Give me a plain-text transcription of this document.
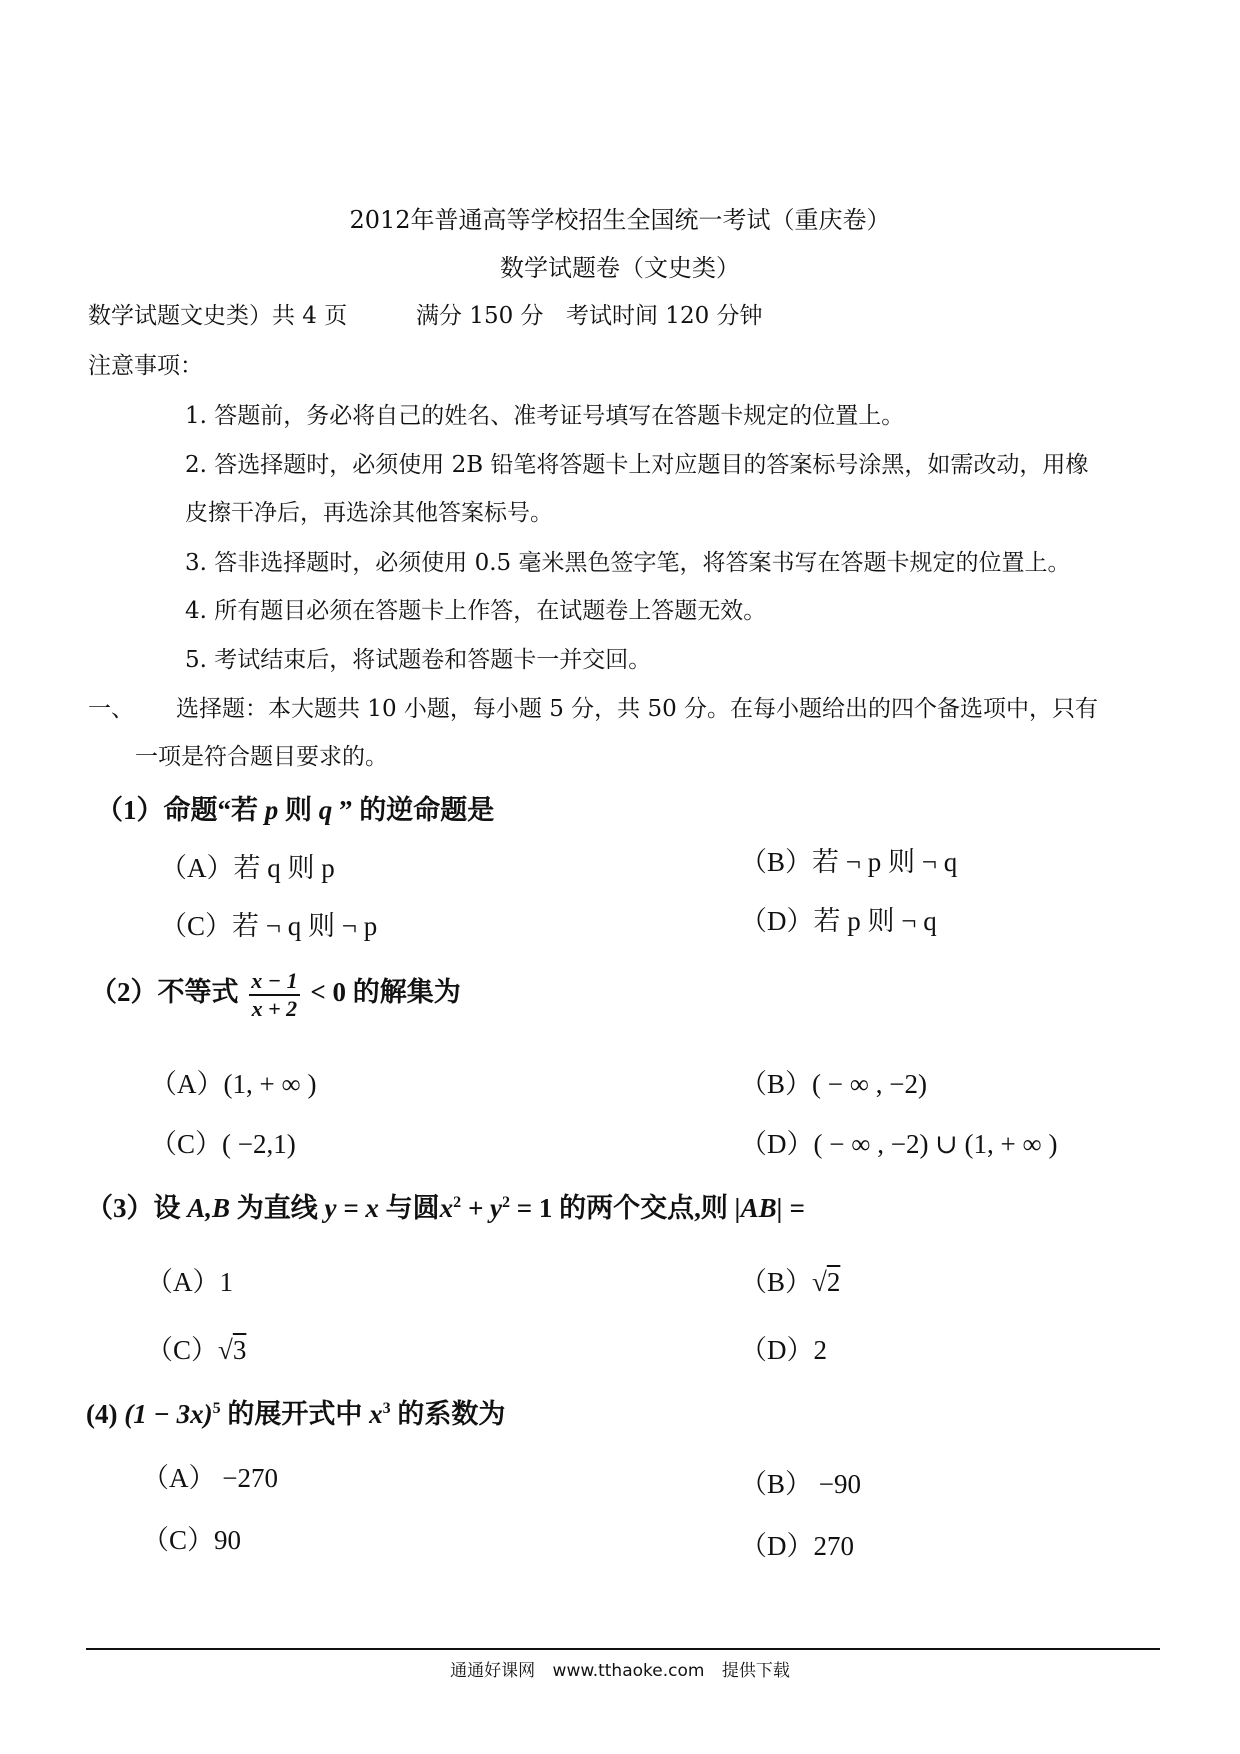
2012年普通高等学校招生全国统一考试（重庆卷）
数学试题卷（文史类）
数学试题文史类）共 4 页	满分 150 分 考试时间 120 分钟
注意事项：
1. 答题前，务必将自己的姓名、准考证号填写在答题卡规定的位置上。
2. 答选择题时，必须使用 2B 铅笔将答题卡上对应题目的答案标号涂黑，如需改动，用橡
皮擦干净后，再选涂其他答案标号。
3. 答非选择题时，必须使用 0.5 毫米黑色签字笔，将答案书写在答题卡规定的位置上。
4. 所有题目必须在答题卡上作答，在试题卷上答题无效。
5. 考试结束后，将试题卷和答题卡一并交回。
一、 选择题：本大题共 10 小题，每小题 5 分，共 50 分。在每小题给出的四个备选项中，只有
一项是符合题目要求的。
（1）命题“若 p 则 q ” 的逆命题是
（A）若 q 则 p	（B）若 ¬ p 则 ¬ q
（C）若 ¬ q 则 ¬ p	（D）若 p 则 ¬ q
（2）不等式 $\frac{x - 1}{x + 2} < 0$ 的解集为
（A）(1, + ∞ )	（B）( − ∞ , −2)
（C）( −2,1)	（D）( − ∞ , −2) ∪ (1, + ∞ )
（3）设 A,B 为直线 y = x 与圆$x^2 + y^2 = 1$ 的两个交点,则 |AB| =
（A）1	（B）√2
（C）√3	（D）2
(4) $(1 - 3x)^5$ 的展开式中 $x^3$ 的系数为
（A） −270	（B） −90
（C）90	（D）270
通通好课网 www.tthaoke.com 提供下载
